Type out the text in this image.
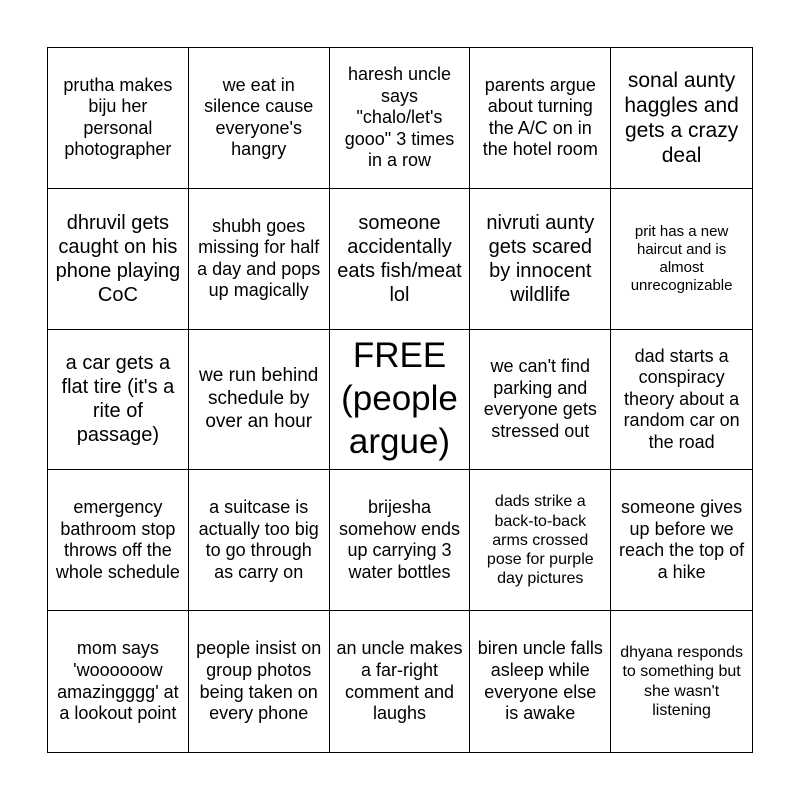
prutha makes biju her personal photographer
we eat in silence cause everyone's hangry
haresh uncle says "chalo/let's gooo" 3 times in a row
parents argue about turning the A/C on in the hotel room
sonal aunty haggles and gets a crazy deal
dhruvil gets caught on his phone playing CoC
shubh goes missing for half a day and pops up magically
someone accidentally eats fish/meat lol
nivruti aunty gets scared by innocent wildlife
prit has a new haircut and is almost unrecognizable
a car gets a flat tire (it's a rite of passage)
we run behind schedule by over an hour
FREE (people argue)
we can't find parking and everyone gets stressed out
dad starts a conspiracy theory about a random car on the road
emergency bathroom stop throws off the whole schedule
a suitcase is actually too big to go through as carry on
brijesha somehow ends up carrying 3 water bottles
dads strike a back-to-back arms crossed pose for purple day pictures
someone gives up before we reach the top of a hike
mom says 'woooooow amazingggg' at a lookout point
people insist on group photos being taken on every phone
an uncle makes a far-right comment and laughs
biren uncle falls asleep while everyone else is awake
dhyana responds to something but she wasn't listening
